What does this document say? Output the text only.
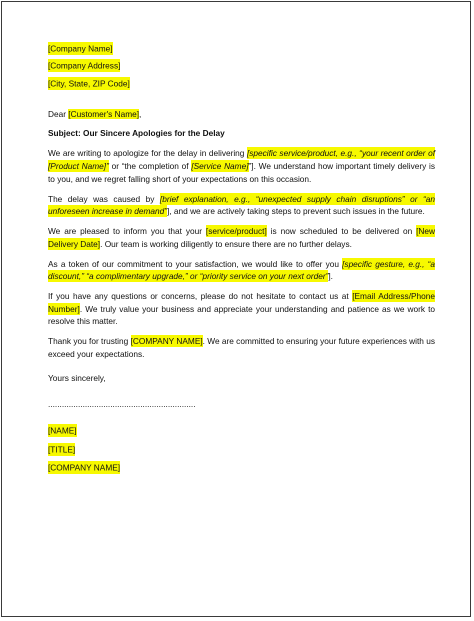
[Company Name]
[Company Address]
[City, State, ZIP Code]
Dear [Customer's Name],
Subject: Our Sincere Apologies for the Delay
We are writing to apologize for the delay in delivering [specific service/product, e.g., “your recent order of [Product Name]” or “the completion of [Service Name]”]. We understand how important timely delivery is to you, and we regret falling short of your expectations on this occasion.
The delay was caused by [brief explanation, e.g., “unexpected supply chain disruptions” or “an unforeseen increase in demand”], and we are actively taking steps to prevent such issues in the future.
We are pleased to inform you that your [service/product] is now scheduled to be delivered on [New Delivery Date]. Our team is working diligently to ensure there are no further delays.
As a token of our commitment to your satisfaction, we would like to offer you [specific gesture, e.g., “a discount,” “a complimentary upgrade,” or “priority service on your next order”].
If you have any questions or concerns, please do not hesitate to contact us at [Email Address/Phone Number]. We truly value your business and appreciate your understanding and patience as we work to resolve this matter.
Thank you for trusting [COMPANY NAME]. We are committed to ensuring your future experiences with us exceed your expectations.
Yours sincerely,
................................................................
[NAME]
[TITLE]
[COMPANY NAME]
